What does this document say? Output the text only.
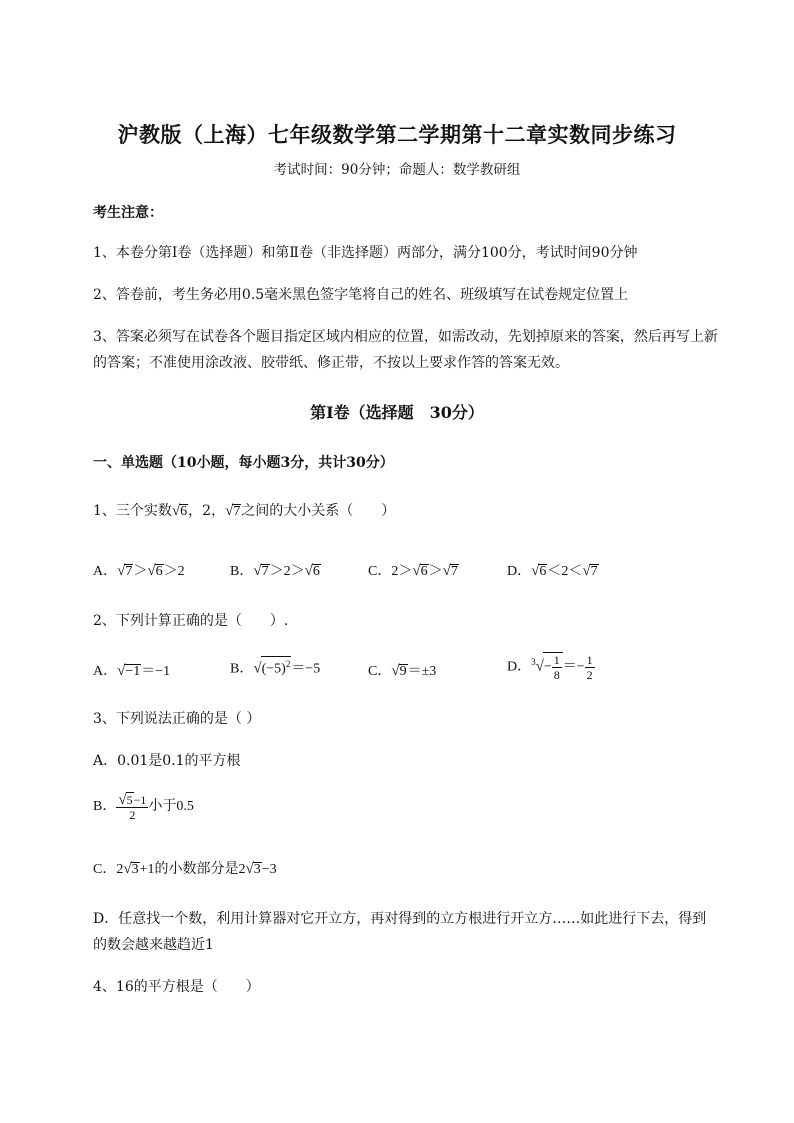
沪教版（上海）七年级数学第二学期第十二章实数同步练习
考试时间：90分钟；命题人：数学教研组
考生注意：
1、本卷分第I卷（选择题）和第Ⅱ卷（非选择题）两部分，满分100分，考试时间90分钟
2、答卷前，考生务必用0.5毫米黑色签字笔将自己的姓名、班级填写在试卷规定位置上
3、答案必须写在试卷各个题目指定区域内相应的位置，如需改动，先划掉原来的答案，然后再写上新
的答案；不准使用涂改液、胶带纸、修正带，不按以上要求作答的答案无效。
第I卷（选择题　30分）
一、单选题（10小题，每小题3分，共计30分）
1、三个实数√6，2，√7之间的大小关系（　　）
A．√7＞√6＞2	B．√7＞2＞√6	C．2＞√6＞√7	D．√6＜2＜√7
2、下列计算正确的是（　　）.
A．√−1＝−1	B．$√(-5)^2=-5$	C．√9＝±3	D．$^3√- \frac{1}{8} =- \frac{1}{2}$
3、下列说法正确的是（ ）
A．0.01是0.1的平方根
B． $\frac{√5-1}{2}$ 小于0.5
C．2√3+1的小数部分是2√3−3
D．任意找一个数，利用计算器对它开立方，再对得到的立方根进行开立方……如此进行下去，得到
的数会越来越趋近1
4、16的平方根是（　　）
